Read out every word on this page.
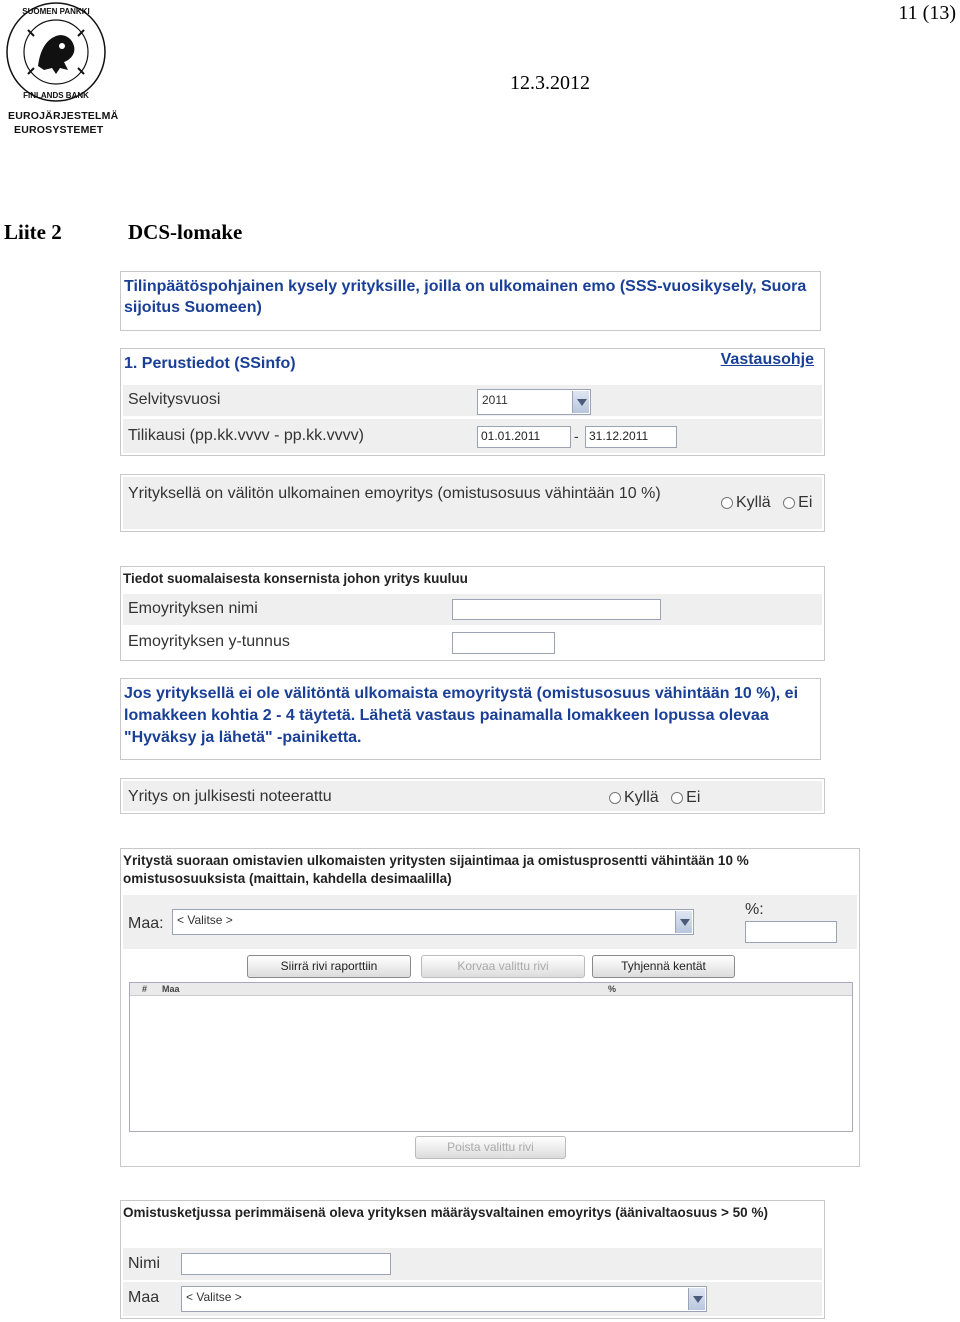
SUOMEN PANKKI
FINLANDS BANK
EUROJÄRJESTELMÄ
EUROSYSTEMET
11 (13)
12.3.2012
Liite 2	DCS-lomake
Tilinpäätöspohjainen kysely yrityksille, joilla on ulkomainen emo (SSS-vuosikysely, Suora sijoitus Suomeen)
1. Perustiedot (SSinfo)	Vastausohje
Selvitysvuosi	2011
Tilikausi (pp.kk.vvvv - pp.kk.vvvv)	01.01.2011	- 31.12.2011
Yrityksellä on välitön ulkomainen emoyritys (omistusosuus vähintään 10 %)
Kyllä Ei
Tiedot suomalaisesta konsernista johon yritys kuuluu
Emoyrityksen nimi
Emoyrityksen y-tunnus
Jos yrityksellä ei ole välitöntä ulkomaista emoyritystä (omistusosuus vähintään 10 %), ei lomakkeen kohtia 2 - 4 täytetä. Lähetä vastaus painamalla lomakkeen lopussa olevaa "Hyväksy ja lähetä" -painiketta.
Yritys on julkisesti noteerattu	Kyllä Ei
Yritystä suoraan omistavien ulkomaisten yritysten sijaintimaa ja omistusprosentti vähintään 10 % omistusosuuksista (maittain, kahdella desimaalilla)
Maa:	< Valitse >
%:
Siirrä rivi raporttiin	Korvaa valittu rivi	Tyhjennä kentät
# Maa	%
Poista valittu rivi
Omistusketjussa perimmäisenä oleva yrityksen määräysvaltainen emoyritys (äänivaltaosuus > 50 %)
Nimi
Maa	< Valitse >
